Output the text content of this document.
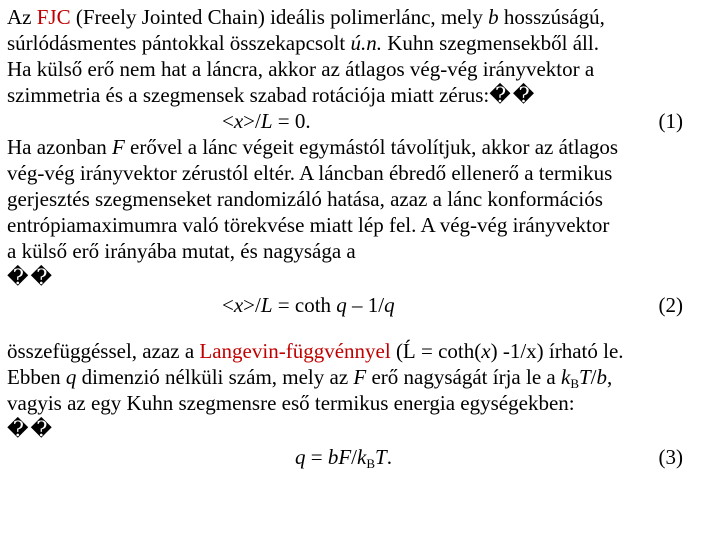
Az FJC (Freely Jointed Chain) ideális polimerlánc, mely b hosszúságú,
súrlódásmentes pántokkal összekapcsolt ú.n. Kuhn szegmensekből áll.
Ha külső erő nem hat a láncra, akkor az átlagos vég-vég irányvektor a
szimmetria és a szegmensek szabad rotációja miatt zérus:��
<x>/L = 0.	(1)
Ha azonban F erővel a lánc végeit egymástól távolítjuk, akkor az átlagos
vég-vég irányvektor zérustól eltér. A láncban ébredő ellenerő a termikus
gerjesztés szegmenseket randomizáló hatása, azaz a lánc konformációs
entrópiamaximumra való törekvése miatt lép fel. A vég-vég irányvektor
a külső erő irányába mutat, és nagysága a
��
<x>/L = coth q – 1/q	(2)
összefüggéssel, azaz a Langevin-függvénnyel (Ĺ = coth(x) -1/x) írható le.
Ebben q dimenzió nélküli szám, mely az F erő nagyságát írja le a $k_BT/b$,
vagyis az egy Kuhn szegmensre eső termikus energia egységekben:
��
$q = bF/k_BT$.	(3)
